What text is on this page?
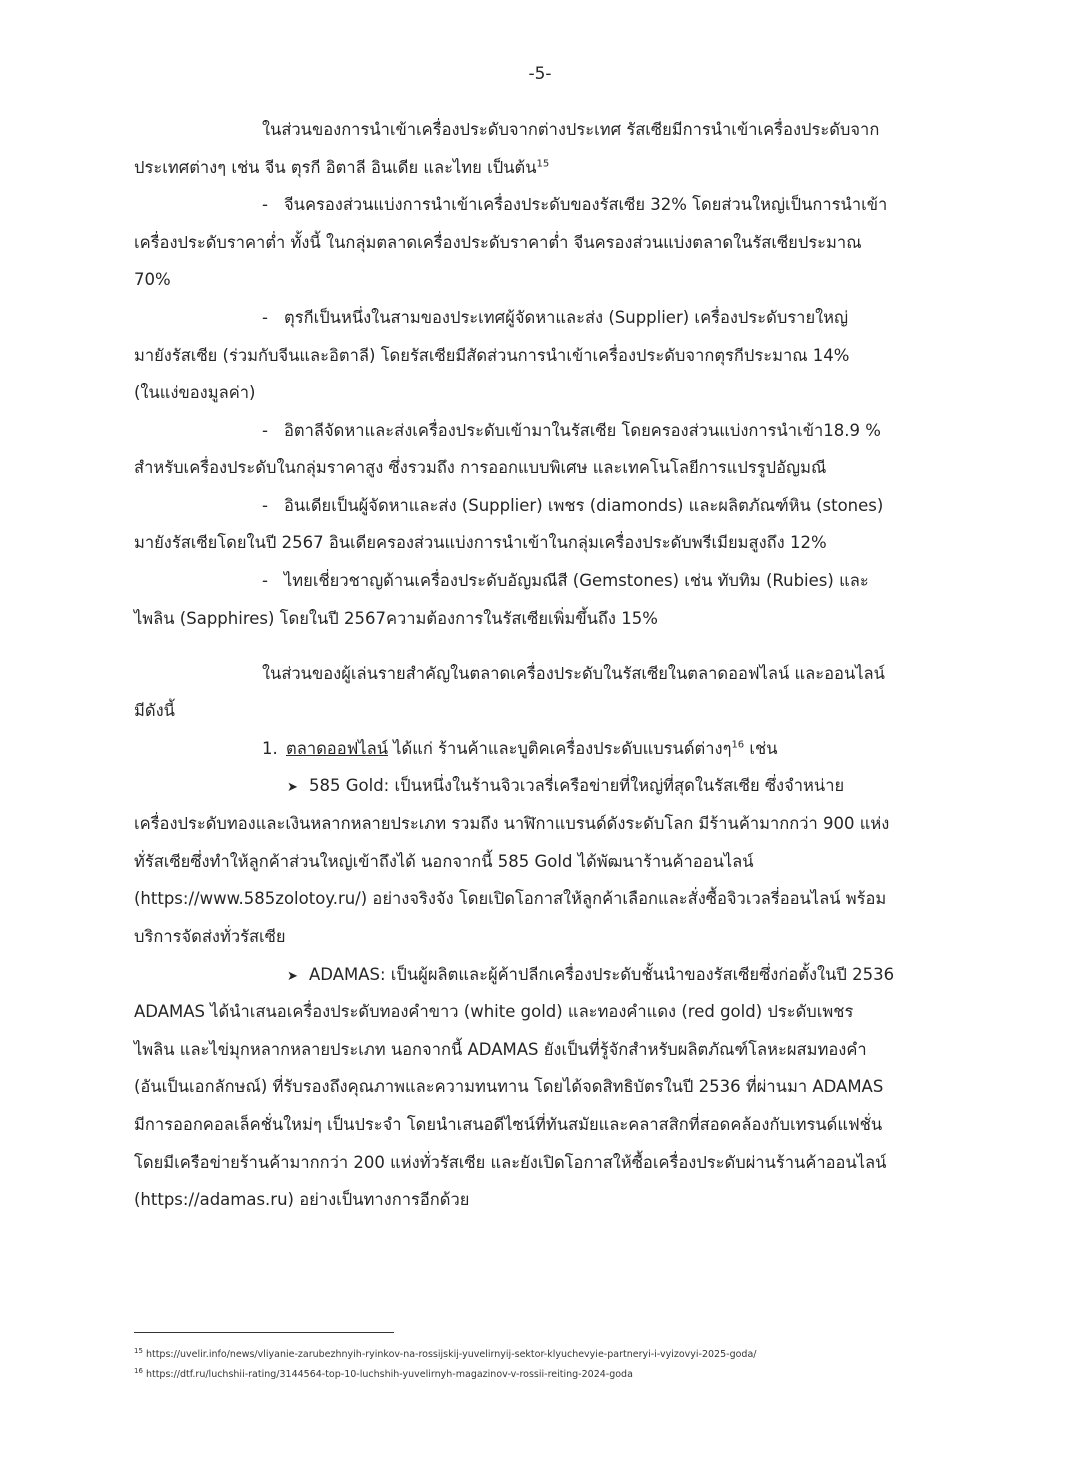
-5-
ในส่วนของการนำเข้าเครื่องประดับจากต่างประเทศ รัสเซียมีการนำเข้าเครื่องประดับจาก
ประเทศต่างๆ เช่น จีน ตุรกี อิตาลี อินเดีย และไทย เป็นต้น$^{15}$
- จีนครองส่วนแบ่งการนำเข้าเครื่องประดับของรัสเซีย 32% โดยส่วนใหญ่เป็นการนำเข้า
เครื่องประดับราคาต่ำ ทั้งนี้ ในกลุ่มตลาดเครื่องประดับราคาต่ำ จีนครองส่วนแบ่งตลาดในรัสเซียประมาณ
70%
- ตุรกีเป็นหนึ่งในสามของประเทศผู้จัดหาและส่ง (Supplier) เครื่องประดับรายใหญ่
มายังรัสเซีย (ร่วมกับจีนและอิตาลี) โดยรัสเซียมีสัดส่วนการนำเข้าเครื่องประดับจากตุรกีประมาณ 14%
(ในแง่ของมูลค่า)
- อิตาลีจัดหาและส่งเครื่องประดับเข้ามาในรัสเซีย โดยครองส่วนแบ่งการนำเข้า18.9 %
สำหรับเครื่องประดับในกลุ่มราคาสูง ซึ่งรวมถึง การออกแบบพิเศษ และเทคโนโลยีการแปรรูปอัญมณี
- อินเดียเป็นผู้จัดหาและส่ง (Supplier) เพชร (diamonds) และผลิตภัณฑ์หิน (stones)
มายังรัสเซียโดยในปี 2567 อินเดียครองส่วนแบ่งการนำเข้าในกลุ่มเครื่องประดับพรีเมียมสูงถึง 12%
- ไทยเชี่ยวชาญด้านเครื่องประดับอัญมณีสี (Gemstones) เช่น ทับทิม (Rubies) และ
ไพลิน (Sapphires) โดยในปี 2567ความต้องการในรัสเซียเพิ่มขึ้นถึง 15%
ในส่วนของผู้เล่นรายสำคัญในตลาดเครื่องประดับในรัสเซียในตลาดออฟไลน์ และออนไลน์
มีดังนี้
1. ตลาดออฟไลน์ ได้แก่ ร้านค้าและบูติคเครื่องประดับแบรนด์ต่างๆ$^{16}$ เช่น
➤ 585 Gold: เป็นหนึ่งในร้านจิวเวลรี่เครือข่ายที่ใหญ่ที่สุดในรัสเซีย ซึ่งจำหน่าย
เครื่องประดับทองและเงินหลากหลายประเภท รวมถึง นาฬิกาแบรนด์ดังระดับโลก มีร้านค้ามากกว่า 900 แห่ง
ทั่รัสเซียซึ่งทำให้ลูกค้าส่วนใหญ่เข้าถึงได้ นอกจากนี้ 585 Gold ได้พัฒนาร้านค้าออนไลน์
(https://www.585zolotoy.ru/) อย่างจริงจัง โดยเปิดโอกาสให้ลูกค้าเลือกและสั่งซื้อจิวเวลรี่ออนไลน์ พร้อม
บริการจัดส่งทั่วรัสเซีย
➤ ADAMAS: เป็นผู้ผลิตและผู้ค้าปลีกเครื่องประดับชั้นนำของรัสเซียซึ่งก่อตั้งในปี 2536
ADAMAS ได้นำเสนอเครื่องประดับทองคำขาว (white gold) และทองคำแดง (red gold) ประดับเพชร
ไพลิน และไข่มุกหลากหลายประเภท นอกจากนี้ ADAMAS ยังเป็นที่รู้จักสำหรับผลิตภัณฑ์โลหะผสมทองคำ
(อันเป็นเอกลักษณ์) ที่รับรองถึงคุณภาพและความทนทาน โดยได้จดสิทธิบัตรในปี 2536 ที่ผ่านมา ADAMAS
มีการออกคอลเล็คชั่นใหม่ๆ เป็นประจำ โดยนำเสนอดีไซน์ที่ทันสมัยและคลาสสิกที่สอดคล้องกับเทรนด์แฟชั่น
โดยมีเครือข่ายร้านค้ามากกว่า 200 แห่งทั่วรัสเซีย และยังเปิดโอกาสให้ซื้อเครื่องประดับผ่านร้านค้าออนไลน์
(https://adamas.ru) อย่างเป็นทางการอีกด้วย
$^{15}$ https://uvelir.info/news/vliyanie-zarubezhnyih-ryinkov-na-rossijskij-yuvelirnyij-sektor-klyuchevyie-partneryi-i-vyizovyi-2025-goda/
$^{16}$ https://dtf.ru/luchshii-rating/3144564-top-10-luchshih-yuvelirnyh-magazinov-v-rossii-reiting-2024-goda
